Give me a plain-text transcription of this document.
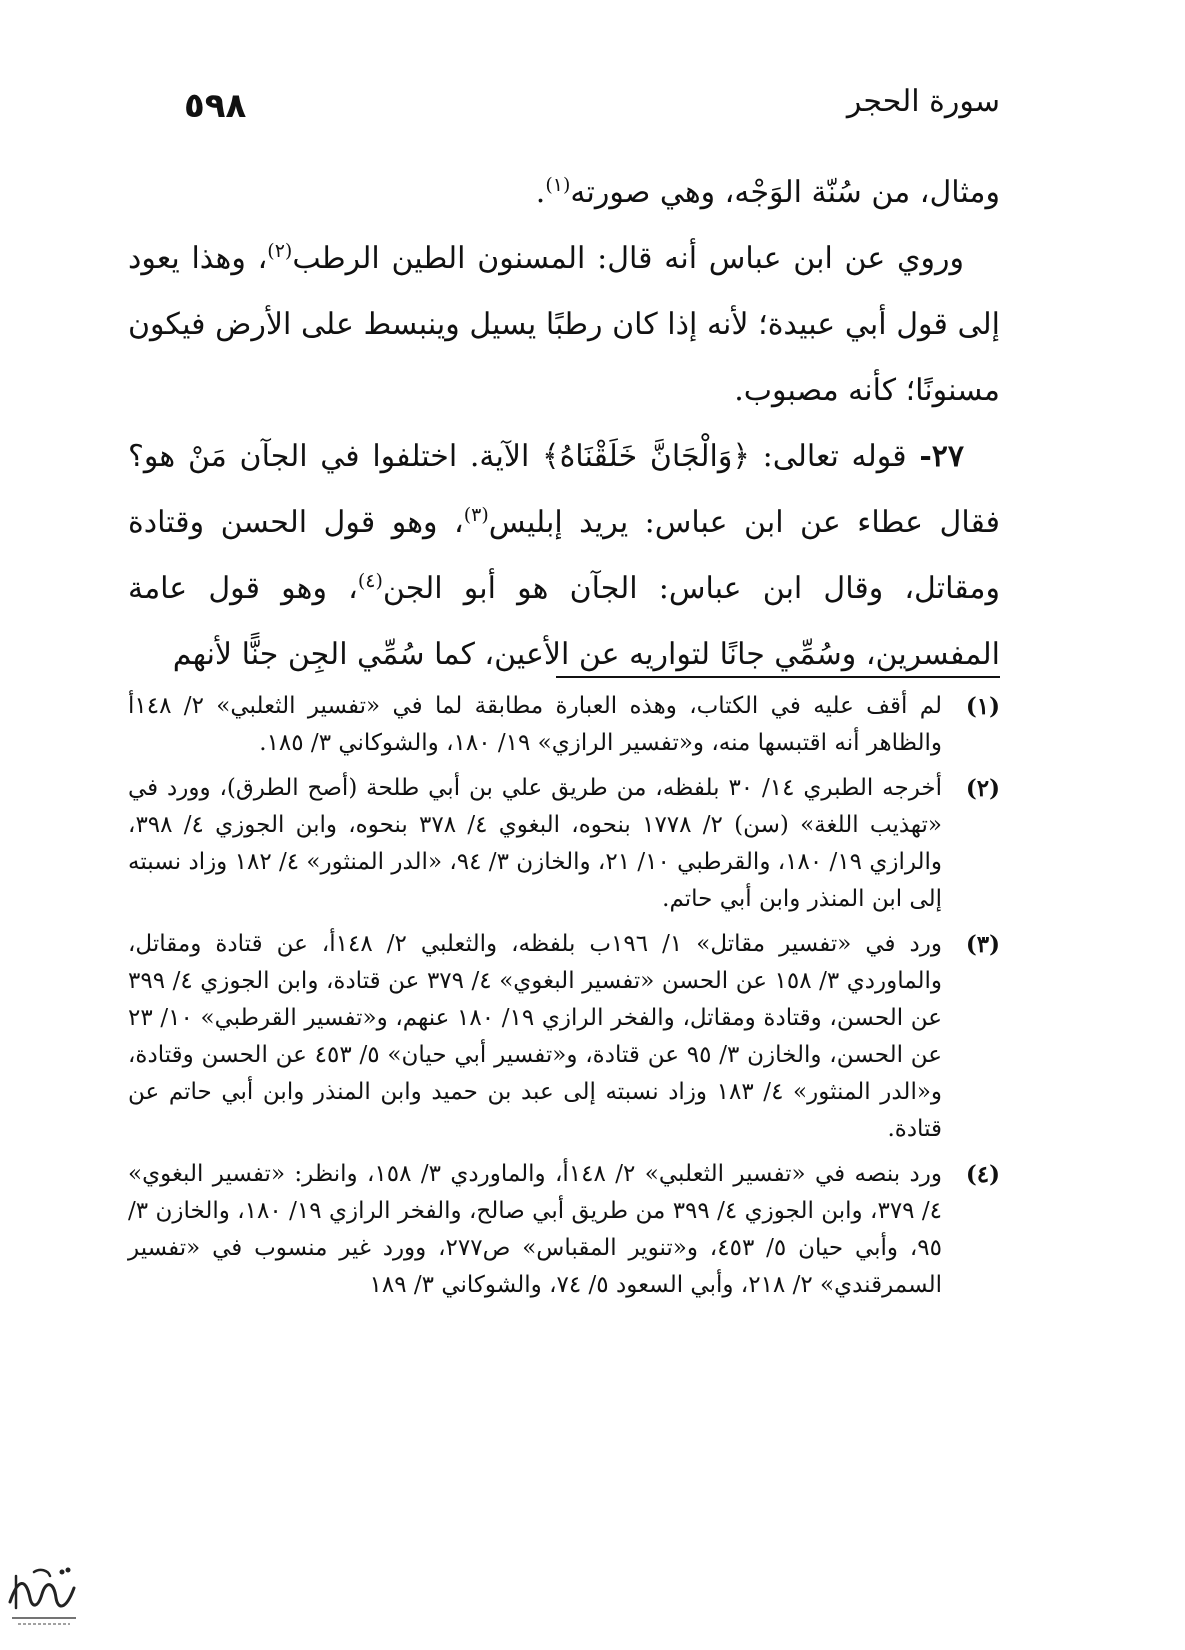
٥٩٨	سورة الحجر

ومثال، من سُنّة الوَجْه، وهي صورته$^{(١)}$.

وروي عن ابن عباس أنه قال: المسنون الطين الرطب$^{(٢)}$، وهذا يعود إلى قول أبي عبيدة؛ لأنه إذا كان رطبًا يسيل وينبسط على الأرض فيكون مسنونًا؛ كأنه مصبوب.

٢٧- قوله تعالى: ﴿وَالْجَانَّ خَلَقْنَاهُ﴾ الآية. اختلفوا في الجآن مَنْ هو؟ فقال عطاء عن ابن عباس: يريد إبليس$^{(٣)}$، وهو قول الحسن وقتادة ومقاتل، وقال ابن عباس: الجآن هو أبو الجن$^{(٤)}$، وهو قول عامة المفسرين، وسُمِّي جانًا لتواريه عن الأعين، كما سُمِّي الجِن جنًّا لأنهم

(١)
لم أقف عليه في الكتاب، وهذه العبارة مطابقة لما في «تفسير الثعلبي» ٢/ ١٤٨أ والظاهر أنه اقتبسها منه، و«تفسير الرازي» ١٩/ ١٨٠، والشوكاني ٣/ ١٨٥.
(٢)
أخرجه الطبري ١٤/ ٣٠ بلفظه، من طريق علي بن أبي طلحة (أصح الطرق)، وورد في «تهذيب اللغة» (سن) ٢/ ١٧٧٨ بنحوه، البغوي ٤/ ٣٧٨ بنحوه، وابن الجوزي ٤/ ٣٩٨، والرازي ١٩/ ١٨٠، والقرطبي ١٠/ ٢١، والخازن ٣/ ٩٤، «الدر المنثور» ٤/ ١٨٢ وزاد نسبته إلى ابن المنذر وابن أبي حاتم.
(٣)
ورد في «تفسير مقاتل» ١/ ١٩٦ب بلفظه، والثعلبي ٢/ ١٤٨أ، عن قتادة ومقاتل، والماوردي ٣/ ١٥٨ عن الحسن «تفسير البغوي» ٤/ ٣٧٩ عن قتادة، وابن الجوزي ٤/ ٣٩٩ عن الحسن، وقتادة ومقاتل، والفخر الرازي ١٩/ ١٨٠ عنهم، و«تفسير القرطبي» ١٠/ ٢٣ عن الحسن، والخازن ٣/ ٩٥ عن قتادة، و«تفسير أبي حيان» ٥/ ٤٥٣ عن الحسن وقتادة، و«الدر المنثور» ٤/ ١٨٣ وزاد نسبته إلى عبد بن حميد وابن المنذر وابن أبي حاتم عن قتادة.
(٤)
ورد بنصه في «تفسير الثعلبي» ٢/ ١٤٨أ، والماوردي ٣/ ١٥٨، وانظر: «تفسير البغوي» ٤/ ٣٧٩، وابن الجوزي ٤/ ٣٩٩ من طريق أبي صالح، والفخر الرازي ١٩/ ١٨٠، والخازن ٣/ ٩٥، وأبي حيان ٥/ ٤٥٣، و«تنوير المقباس» ص٢٧٧، وورد غير منسوب في «تفسير السمرقندي» ٢/ ٢١٨، وأبي السعود ٥/ ٧٤، والشوكاني ٣/ ١٨٩
